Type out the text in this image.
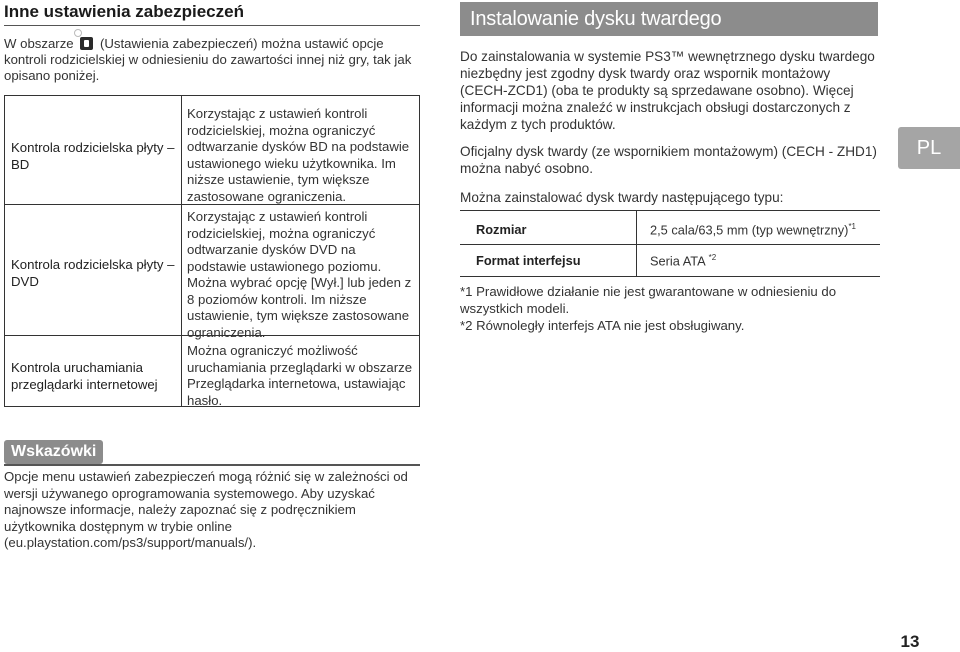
Inne ustawienia zabezpieczeń
W obszarze (Ustawienia zabezpieczeń) można ustawić opcje kontroli rodzicielskiej w odniesieniu do zawartości innej niż gry, tak jak opisano poniżej.
Kontrola rodzicielska płyty – BD
Korzystając z ustawień kontroli rodzicielskiej, można ograniczyć odtwarzanie dysków BD na podstawie ustawionego wieku użytkownika. Im niższe ustawienie, tym większe zastosowane ograniczenia.
Kontrola rodzicielska płyty – DVD
Korzystając z ustawień kontroli rodzicielskiej, można ograniczyć odtwarzanie dysków DVD na podstawie ustawionego poziomu. Można wybrać opcję [Wył.] lub jeden z 8 poziomów kontroli. Im niższe ustawienie, tym większe zastosowane ograniczenia.
Kontrola uruchamiania przeglądarki internetowej
Można ograniczyć możliwość uruchamiania przeglądarki w obszarze Przeglądarka internetowa, ustawiając hasło.
Instalowanie dysku twardego
Do zainstalowania w systemie PS3™ wewnętrznego dysku twardego niezbędny jest zgodny dysk twardy oraz wspornik montażowy (CECH-ZCD1) (oba te produkty są sprzedawane osobno). Więcej informacji można znaleźć w instrukcjach obsługi dostarczonych z każdym z tych produktów.
Oficjalny dysk twardy (ze wspornikiem montażowym) (CECH - ZHD1) można nabyć osobno.
Można zainstalować dysk twardy następującego typu:
Rozmiar	2,5 cala/63,5 mm (typ wewnętrzny)$^{*1}$
Format interfejsu	Seria ATA $^{*2}$
*1 Prawidłowe działanie nie jest gwarantowane w odniesieniu do wszystkich modeli.
*2 Równoległy interfejs ATA nie jest obsługiwany.
PL
Wskazówki
Opcje menu ustawień zabezpieczeń mogą różnić się w zależności od wersji używanego oprogramowania systemowego. Aby uzyskać najnowsze informacje, należy zapoznać się z podręcznikiem użytkownika dostępnym w trybie online (eu.playstation.com/ps3/support/manuals/).
13
